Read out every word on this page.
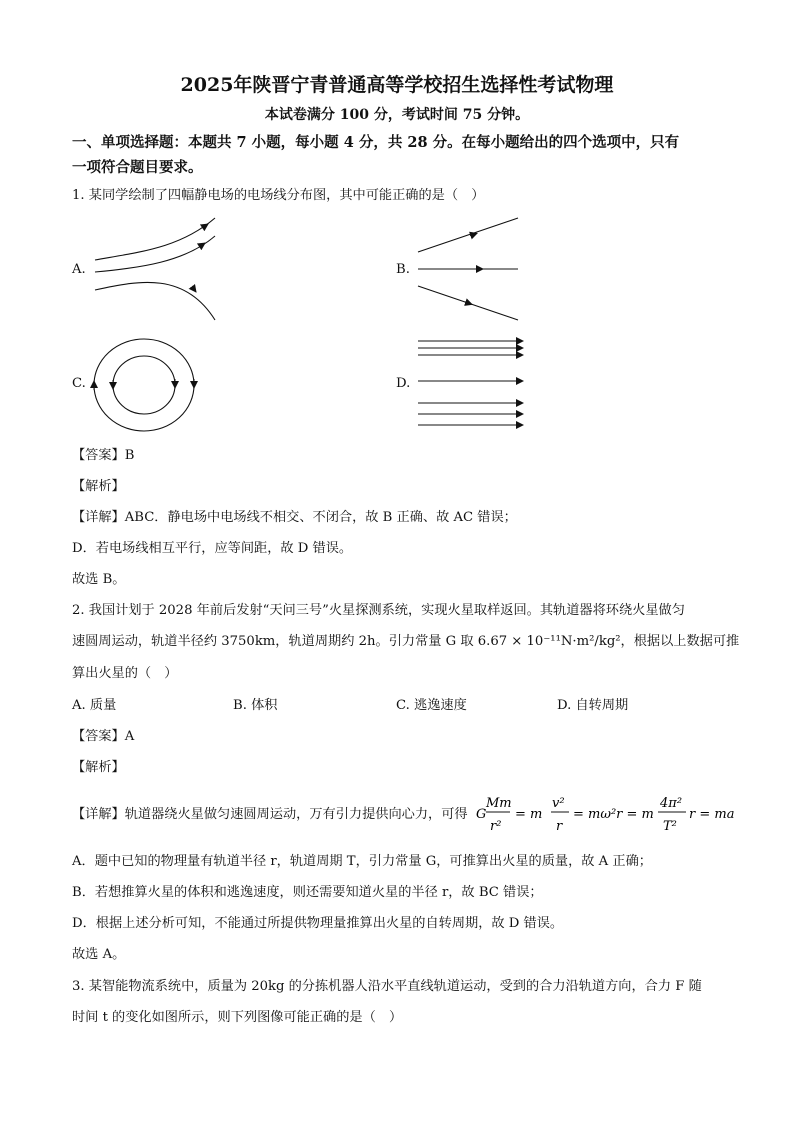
2025年陕晋宁青普通高等学校招生选择性考试物理
本试卷满分 100 分，考试时间 75 分钟。
一、单项选择题：本题共 7 小题，每小题 4 分，共 28 分。在每小题给出的四个选项中，只有
一项符合题目要求。
1. 某同学绘制了四幅静电场的电场线分布图，其中可能正确的是（　）
A.	B.
C.	D.
【答案】B
【解析】
【详解】ABC．静电场中电场线不相交、不闭合，故 B 正确、故 AC 错误；
D．若电场线相互平行，应等间距，故 D 错误。
故选 B。
2. 我国计划于 2028 年前后发射“天问三号”火星探测系统，实现火星取样返回。其轨道器将环绕火星做匀
速圆周运动，轨道半径约 3750km，轨道周期约 2h。引力常量 G 取 6.67 × 10⁻¹¹N·m²/kg²，根据以上数据可推
算出火星的（　）
A. 质量	B. 体积	C. 逃逸速度	D. 自转周期
【答案】A
【解析】
【详解】轨道器绕火星做匀速圆周运动，万有引力提供向心力，可得 G
Mm
r²
= m
v²
r
= mω²r = m
4π²
T²
r = ma
A．题中已知的物理量有轨道半径 r，轨道周期 T，引力常量 G，可推算出火星的质量，故 A 正确；
B．若想推算火星的体积和逃逸速度，则还需要知道火星的半径 r，故 BC 错误；
D．根据上述分析可知，不能通过所提供物理量推算出火星的自转周期，故 D 错误。
故选 A。
3. 某智能物流系统中，质量为 20kg 的分拣机器人沿水平直线轨道运动，受到的合力沿轨道方向，合力 F 随
时间 t 的变化如图所示，则下列图像可能正确的是（　）
